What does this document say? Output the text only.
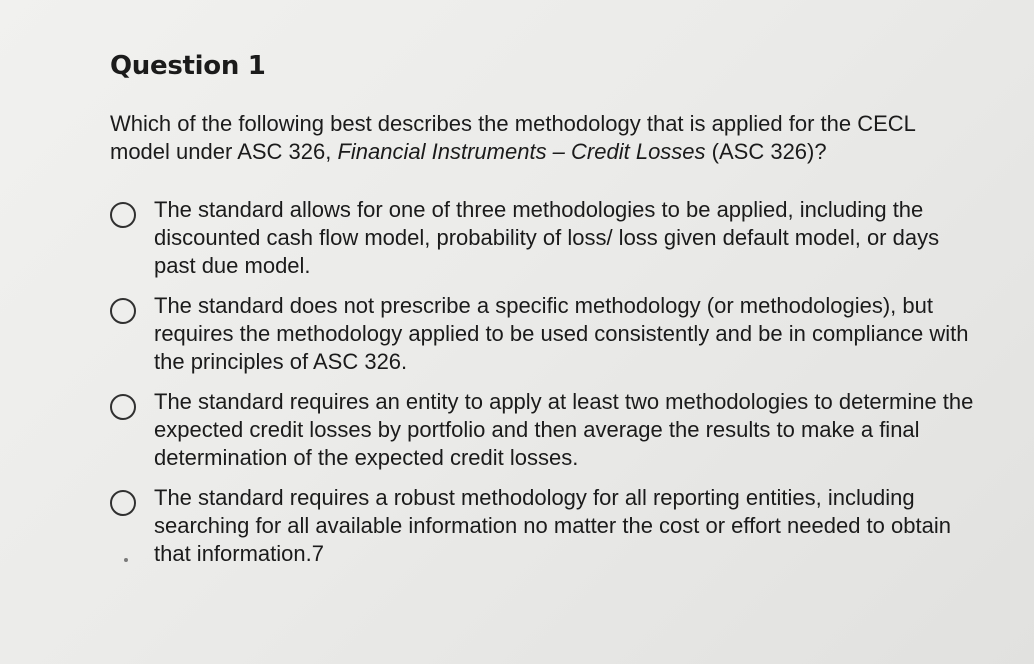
Question 1
Which of the following best describes the methodology that is applied for the CECL model under ASC 326, Financial Instruments – Credit Losses (ASC 326)?
The standard allows for one of three methodologies to be applied, including the discounted cash flow model, probability of loss/ loss given default model, or days past due model.
The standard does not prescribe a specific methodology (or methodologies), but requires the methodology applied to be used consistently and be in compliance with the principles of ASC 326.
The standard requires an entity to apply at least two methodologies to determine the expected credit losses by portfolio and then average the results to make a final determination of the expected credit losses.
The standard requires a robust methodology for all reporting entities, including searching for all available information no matter the cost or effort needed to obtain that information.7
